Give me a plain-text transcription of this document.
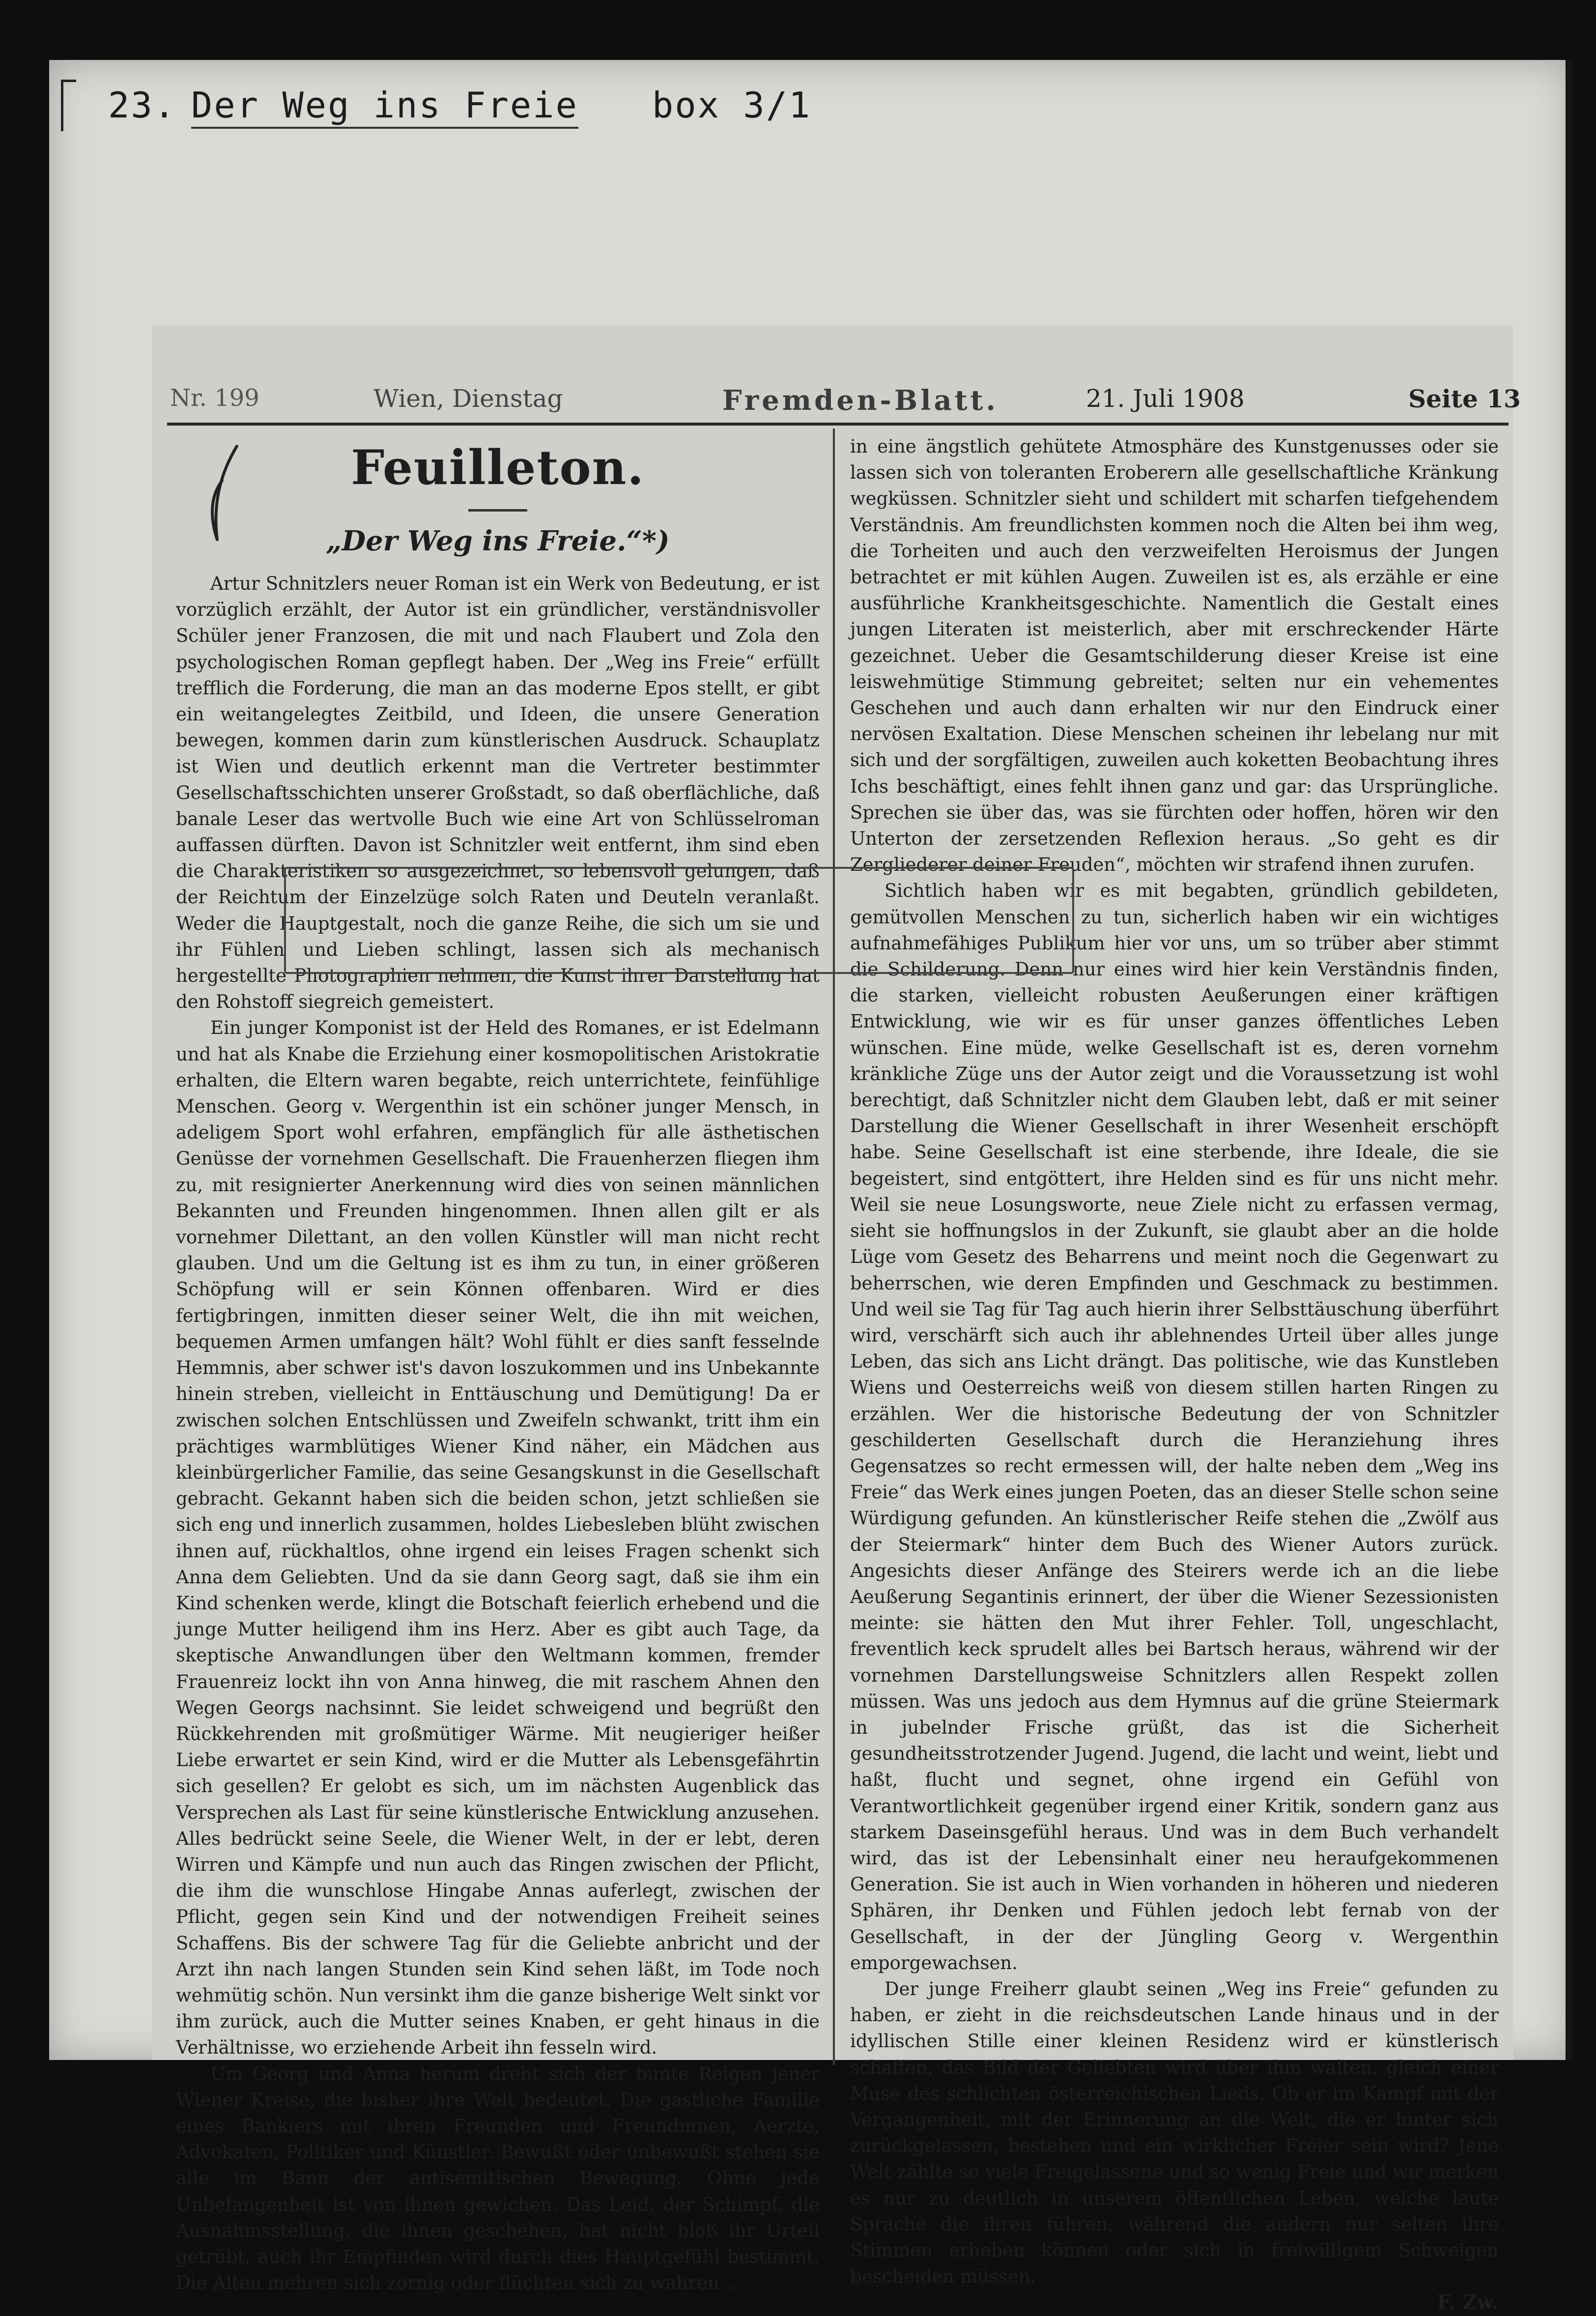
23. Der Weg ins Freie box 3/1
Nr. 199	Wien, Dienstag	Fremden-Blatt.	21. Juli 1908	Seite 13
Feuilleton.
„Der Weg ins Freie.“*)

Artur Schnitzlers neuer Roman ist ein Werk von Bedeutung, er ist vorzüglich erzählt, der Autor ist ein gründlicher, verständnisvoller Schüler jener Franzosen, die mit und nach Flaubert und Zola den psychologischen Roman gepflegt haben. Der „Weg ins Freie“ erfüllt trefflich die Forderung, die man an das moderne Epos stellt, er gibt ein weitangelegtes Zeitbild, und Ideen, die unsere Generation bewegen, kommen darin zum künstlerischen Ausdruck. Schauplatz ist Wien und deutlich erkennt man die Vertreter bestimmter Gesellschaftsschichten unserer Großstadt, so daß oberflächliche, daß banale Leser das wertvolle Buch wie eine Art von Schlüsselroman auffassen dürften. Davon ist Schnitzler weit entfernt, ihm sind eben die Charakteristiken so ausgezeichnet, so lebensvoll gelungen, daß der Reichtum der Einzelzüge solch Raten und Deuteln veranlaßt. Weder die Hauptgestalt, noch die ganze Reihe, die sich um sie und ihr Fühlen und Lieben schlingt, lassen sich als mechanisch hergestellte Photographien nehmen, die Kunst ihrer Darstellung hat den Rohstoff siegreich gemeistert.

Ein junger Komponist ist der Held des Romanes, er ist Edelmann und hat als Knabe die Erziehung einer kosmopolitischen Aristokratie erhalten, die Eltern waren begabte, reich unterrichtete, feinfühlige Menschen. Georg v. Wergenthin ist ein schöner junger Mensch, in adeligem Sport wohl erfahren, empfänglich für alle ästhetischen Genüsse der vornehmen Gesellschaft. Die Frauenherzen fliegen ihm zu, mit resignierter Anerkennung wird dies von seinen männlichen Bekannten und Freunden hingenommen. Ihnen allen gilt er als vornehmer Dilettant, an den vollen Künstler will man nicht recht glauben. Und um die Geltung ist es ihm zu tun, in einer größeren Schöpfung will er sein Können offenbaren. Wird er dies fertigbringen, inmitten dieser seiner Welt, die ihn mit weichen, bequemen Armen umfangen hält? Wohl fühlt er dies sanft fesselnde Hemmnis, aber schwer ist's davon loszukommen und ins Unbekannte hinein streben, vielleicht in Enttäuschung und Demütigung! Da er zwischen solchen Entschlüssen und Zweifeln schwankt, tritt ihm ein prächtiges warmblütiges Wiener Kind näher, ein Mädchen aus kleinbürgerlicher Familie, das seine Gesangskunst in die Gesellschaft gebracht. Gekannt haben sich die beiden schon, jetzt schließen sie sich eng und innerlich zusammen, holdes Liebesleben blüht zwischen ihnen auf, rückhaltlos, ohne irgend ein leises Fragen schenkt sich Anna dem Geliebten. Und da sie dann Georg sagt, daß sie ihm ein Kind schenken werde, klingt die Botschaft feierlich erhebend und die junge Mutter heiligend ihm ins Herz. Aber es gibt auch Tage, da skeptische Anwandlungen über den Weltmann kommen, fremder Frauenreiz lockt ihn von Anna hinweg, die mit raschem Ahnen den Wegen Georgs nachsinnt. Sie leidet schweigend und begrüßt den Rückkehrenden mit großmütiger Wärme. Mit neugieriger heißer Liebe erwartet er sein Kind, wird er die Mutter als Lebensgefährtin sich gesellen? Er gelobt es sich, um im nächsten Augenblick das Versprechen als Last für seine künstlerische Entwicklung anzusehen. Alles bedrückt seine Seele, die Wiener Welt, in der er lebt, deren Wirren und Kämpfe und nun auch das Ringen zwischen der Pflicht, die ihm die wunschlose Hingabe Annas auferlegt, zwischen der Pflicht, gegen sein Kind und der notwendigen Freiheit seines Schaffens. Bis der schwere Tag für die Geliebte anbricht und der Arzt ihn nach langen Stunden sein Kind sehen läßt, im Tode noch wehmütig schön. Nun versinkt ihm die ganze bisherige Welt sinkt vor ihm zurück, auch die Mutter seines Knaben, er geht hinaus in die Verhältnisse, wo erziehende Arbeit ihn fesseln wird.

Um Georg und Anna herum dreht sich der bunte Reigen jener Wiener Kreise, die bisher ihre Welt bedeutet. Die gastliche Familie eines Bankiers mit ihren Freunden und Freundinnen, Aerzte, Advokaten, Politiker und Künstler. Bewußt oder unbewußt stehen sie alle im Bann der antisemitischen Bewegung. Ohne jede Unbefangenheit ist von ihnen gewichen. Das Leid, der Schimpf, die Ausnahmsstellung, die ihnen geschehen, hat nicht bloß ihr Urteil getrübt, auch ihr Empfinden wird durch dies Hauptgefühl bestimmt. Die Alten mehren sich zornig oder flüchten sich zu wahren …

in eine ängstlich gehütete Atmosphäre des Kunstgenusses oder sie lassen sich von toleranten Eroberern alle gesellschaftliche Kränkung wegküssen. Schnitzler sieht und schildert mit scharfen tiefgehendem Verständnis. Am freundlichsten kommen noch die Alten bei ihm weg, die Torheiten und auch den verzweifelten Heroismus der Jungen betrachtet er mit kühlen Augen. Zuweilen ist es, als erzähle er eine ausführliche Krankheitsgeschichte. Namentlich die Gestalt eines jungen Literaten ist meisterlich, aber mit erschreckender Härte gezeichnet. Ueber die Gesamtschilderung dieser Kreise ist eine leiswehmütige Stimmung gebreitet; selten nur ein vehementes Geschehen und auch dann erhalten wir nur den Eindruck einer nervösen Exaltation. Diese Menschen scheinen ihr lebelang nur mit sich und der sorgfältigen, zuweilen auch koketten Beobachtung ihres Ichs beschäftigt, eines fehlt ihnen ganz und gar: das Ursprüngliche. Sprechen sie über das, was sie fürchten oder hoffen, hören wir den Unterton der zersetzenden Reflexion heraus. „So geht es dir Zergliederer deiner Freuden“, möchten wir strafend ihnen zurufen.

Sichtlich haben wir es mit begabten, gründlich gebildeten, gemütvollen Menschen zu tun, sicherlich haben wir ein wichtiges aufnahmefähiges Publikum hier vor uns, um so trüber aber stimmt die Schilderung. Denn nur eines wird hier kein Verständnis finden, die starken, vielleicht robusten Aeußerungen einer kräftigen Entwicklung, wie wir es für unser ganzes öffentliches Leben wünschen. Eine müde, welke Gesellschaft ist es, deren vornehm kränkliche Züge uns der Autor zeigt und die Voraussetzung ist wohl berechtigt, daß Schnitzler nicht dem Glauben lebt, daß er mit seiner Darstellung die Wiener Gesellschaft in ihrer Wesenheit erschöpft habe. Seine Gesellschaft ist eine sterbende, ihre Ideale, die sie begeistert, sind entgöttert, ihre Helden sind es für uns nicht mehr. Weil sie neue Losungsworte, neue Ziele nicht zu erfassen vermag, sieht sie hoffnungslos in der Zukunft, sie glaubt aber an die holde Lüge vom Gesetz des Beharrens und meint noch die Gegenwart zu beherrschen, wie deren Empfinden und Geschmack zu bestimmen. Und weil sie Tag für Tag auch hierin ihrer Selbsttäuschung überführt wird, verschärft sich auch ihr ablehnendes Urteil über alles junge Leben, das sich ans Licht drängt. Das politische, wie das Kunstleben Wiens und Oesterreichs weiß von diesem stillen harten Ringen zu erzählen. Wer die historische Bedeutung der von Schnitzler geschilderten Gesellschaft durch die Heranziehung ihres Gegensatzes so recht ermessen will, der halte neben dem „Weg ins Freie“ das Werk eines jungen Poeten, das an dieser Stelle schon seine Würdigung gefunden. An künstlerischer Reife stehen die „Zwölf aus der Steiermark“ hinter dem Buch des Wiener Autors zurück. Angesichts dieser Anfänge des Steirers werde ich an die liebe Aeußerung Segantinis erinnert, der über die Wiener Sezessionisten meinte: sie hätten den Mut ihrer Fehler. Toll, ungeschlacht, freventlich keck sprudelt alles bei Bartsch heraus, während wir der vornehmen Darstellungsweise Schnitzlers allen Respekt zollen müssen. Was uns jedoch aus dem Hymnus auf die grüne Steiermark in jubelnder Frische grüßt, das ist die Sicherheit gesundheitsstrotzender Jugend. Jugend, die lacht und weint, liebt und haßt, flucht und segnet, ohne irgend ein Gefühl von Verantwortlichkeit gegenüber irgend einer Kritik, sondern ganz aus starkem Daseinsgefühl heraus. Und was in dem Buch verhandelt wird, das ist der Lebensinhalt einer neu heraufgekommenen Generation. Sie ist auch in Wien vorhanden in höheren und niederen Sphären, ihr Denken und Fühlen jedoch lebt fernab von der Gesellschaft, in der der Jüngling Georg v. Wergenthin emporgewachsen.

Der junge Freiherr glaubt seinen „Weg ins Freie“ gefunden zu haben, er zieht in die reichsdeutschen Lande hinaus und in der idyllischen Stille einer kleinen Residenz wird er künstlerisch schaffen, das Bild der Geliebten wird über ihm walten, gleich einer Muse des schlichten österreichischen Lieds. Ob er im Kampf mit der Vergangenheit, mit der Erinnerung an die Welt, die er hinter sich zurückgelassen, bestehen und ein wirklicher Freier sein wird? Jene Welt zählte so viele Freigelassene und so wenig Freie und wir merken es nur zu deutlich in unserem öffentlichen Leben, welche laute Sprache die ihren führen, während die andern nur selten ihre Stimmen erheben können oder sich in freiwilligem Schweigen bescheiden müssen.

F. Zw.
